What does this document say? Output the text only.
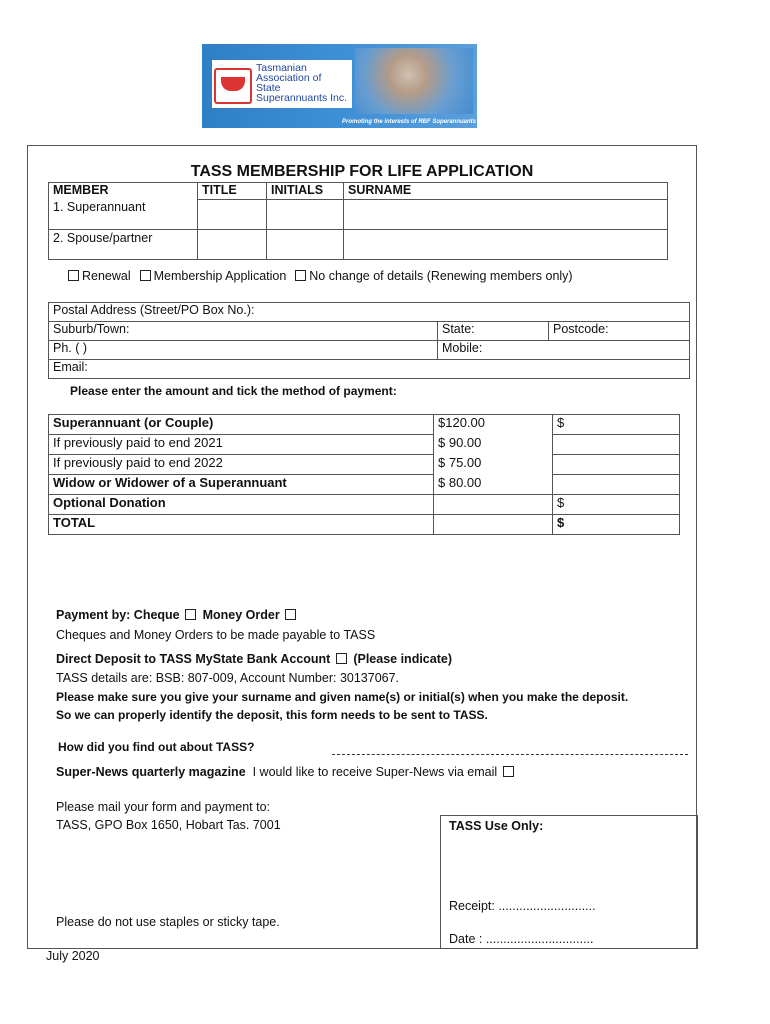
Tasmanian
Association of
State
Superannuants Inc.
Promoting the interests of RBF Superannuants
TASS MEMBERSHIP FOR LIFE APPLICATION
MEMBER	TITLE	INITIALS	SURNAME
1. Superannuant			
2. Spouse/partner			
Renewal Membership Application No change of details (Renewing members only)
Postal Address (Street/PO Box No.):		
Suburb/Town:	State:	Postcode:
Ph. ( )	Mobile:	
Email:		
Please enter the amount and tick the method of payment:
Superannuant (or Couple)	$120.00	$
If previously paid to end 2021	$ 90.00	
If previously paid to end 2022	$ 75.00	
Widow or Widower of a Superannuant	$ 80.00	
Optional Donation		$
TOTAL		$
Payment by: Cheque Money Order
Cheques and Money Orders to be made payable to TASS
Direct Deposit to TASS MyState Bank Account (Please indicate)
TASS details are: BSB: 807-009, Account Number: 30137067.
Please make sure you give your surname and given name(s) or initial(s) when you make the deposit.
So we can properly identify the deposit, this form needs to be sent to TASS.
How did you find out about TASS?
Super-News quarterly magazine I would like to receive Super-News via email
Please mail your form and payment to:
TASS, GPO Box 1650, Hobart Tas. 7001
Please do not use staples or sticky tape.
TASS Use Only:
Receipt: ............................
Date : ...............................
July 2020
